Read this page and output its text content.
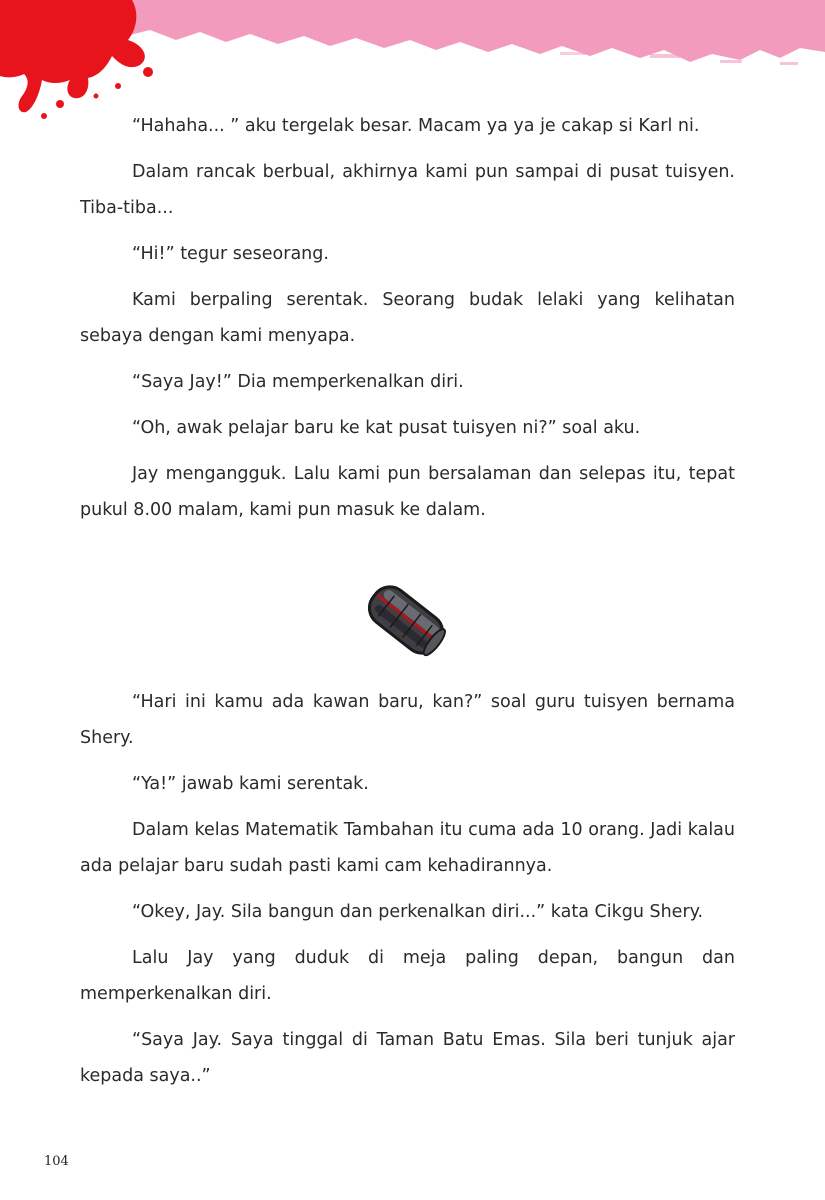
“Hahaha... ” aku tergelak besar. Macam ya ya je cakap si Karl ni.

Dalam rancak berbual, akhirnya kami pun sampai di pusat tuisyen. Tiba-tiba...

“Hi!” tegur seseorang.

Kami berpaling serentak. Seorang budak lelaki yang kelihatan sebaya dengan kami menyapa.

“Saya Jay!” Dia memperkenalkan diri.

“Oh, awak pelajar baru ke kat pusat tuisyen ni?” soal aku.

Jay mengangguk. Lalu kami pun bersalaman dan selepas itu, tepat pukul 8.00 malam, kami pun masuk ke dalam.

“Hari ini kamu ada kawan baru, kan?” soal guru tuisyen bernama Shery.

“Ya!” jawab kami serentak.

Dalam kelas Matematik Tambahan itu cuma ada 10 orang. Jadi kalau ada pelajar baru sudah pasti kami cam kehadirannya.

“Okey, Jay. Sila bangun dan perkenalkan diri...” kata Cikgu Shery.

Lalu Jay yang duduk di meja paling depan, bangun dan memperkenalkan diri.

“Saya Jay. Saya tinggal di Taman Batu Emas. Sila beri tunjuk ajar kepada saya..”

104
